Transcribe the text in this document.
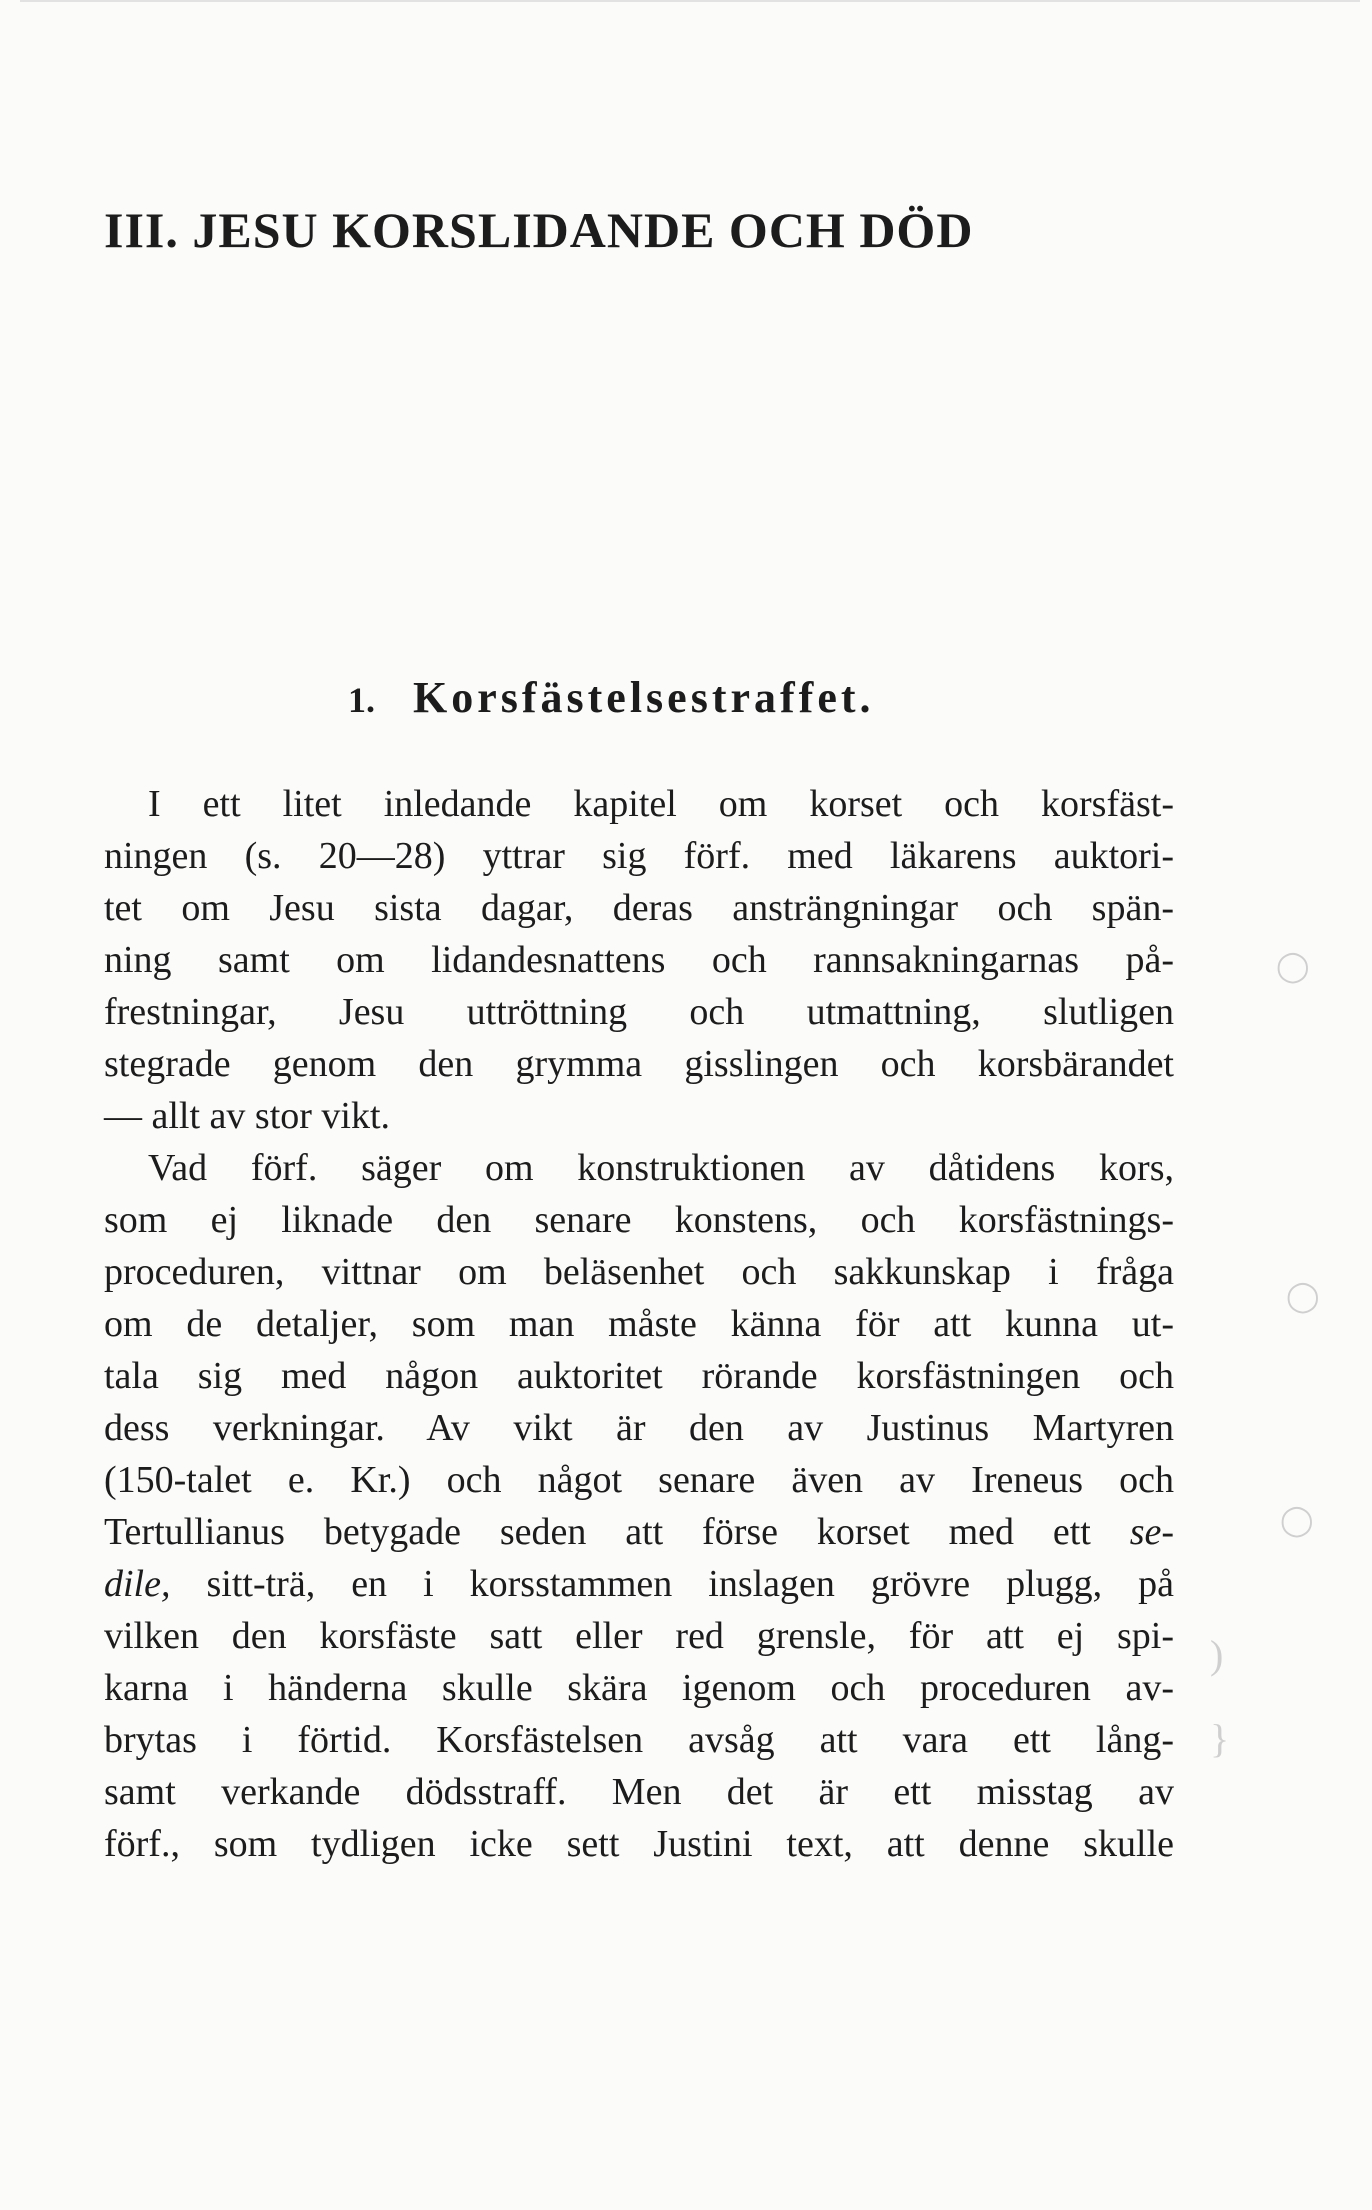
III. JESU KORSLIDANDE OCH DÖD
1. Korsfästelsestraffet.
I ett litet inledande kapitel om korset och korsfäst-
ningen (s. 20—28) yttrar sig förf. med läkarens auktori-
tet om Jesu sista dagar, deras ansträngningar och spän-
ning samt om lidandesnattens och rannsakningarnas på-
frestningar, Jesu uttröttning och utmattning, slutligen
stegrade genom den grymma gisslingen och korsbärandet
— allt av stor vikt.
Vad förf. säger om konstruktionen av dåtidens kors,
som ej liknade den senare konstens, och korsfästnings-
proceduren, vittnar om beläsenhet och sakkunskap i fråga
om de detaljer, som man måste känna för att kunna ut-
tala sig med någon auktoritet rörande korsfästningen och
dess verkningar. Av vikt är den av Justinus Martyren
(150-talet e. Kr.) och något senare även av Ireneus och
Tertullianus betygade seden att förse korset med ett se-
dile, sitt-trä, en i korsstammen inslagen grövre plugg, på
vilken den korsfäste satt eller red grensle, för att ej spi-
karna i händerna skulle skära igenom och proceduren av-
brytas i förtid. Korsfästelsen avsåg att vara ett lång-
samt verkande dödsstraff. Men det är ett misstag av
förf., som tydligen icke sett Justini text, att denne skulle
◯
◯
◯
)
}
